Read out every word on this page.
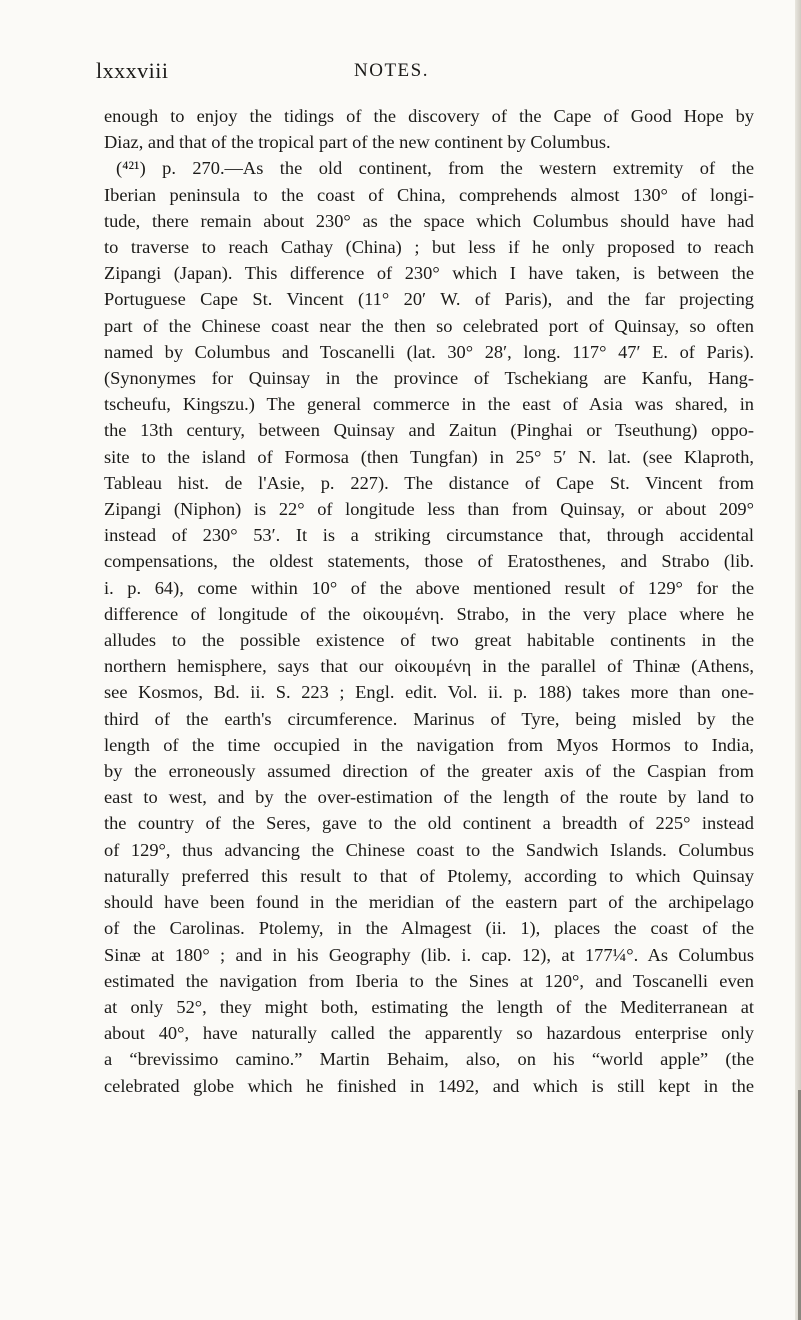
lxxxviii	NOTES.
enough to enjoy the tidings of the discovery of the Cape of Good Hope by
Diaz, and that of the tropical part of the new continent by Columbus.
(⁴²¹) p. 270.—As the old continent, from the western extremity of the
Iberian peninsula to the coast of China, comprehends almost 130° of longi-
tude, there remain about 230° as the space which Columbus should have had
to traverse to reach Cathay (China) ; but less if he only proposed to reach
Zipangi (Japan). This difference of 230° which I have taken, is between the
Portuguese Cape St. Vincent (11° 20′ W. of Paris), and the far projecting
part of the Chinese coast near the then so celebrated port of Quinsay, so often
named by Columbus and Toscanelli (lat. 30° 28′, long. 117° 47′ E. of Paris).
(Synonymes for Quinsay in the province of Tschekiang are Kanfu, Hang-
tscheufu, Kingszu.) The general commerce in the east of Asia was shared, in
the 13th century, between Quinsay and Zaitun (Pinghai or Tseuthung) oppo-
site to the island of Formosa (then Tungfan) in 25° 5′ N. lat. (see Klaproth,
Tableau hist. de l'Asie, p. 227). The distance of Cape St. Vincent from
Zipangi (Niphon) is 22° of longitude less than from Quinsay, or about 209°
instead of 230° 53′. It is a striking circumstance that, through accidental
compensations, the oldest statements, those of Eratosthenes, and Strabo (lib.
i. p. 64), come within 10° of the above mentioned result of 129° for the
difference of longitude of the οἰκουμένη. Strabo, in the very place where he
alludes to the possible existence of two great habitable continents in the
northern hemisphere, says that our οἰκουμένη in the parallel of Thinæ (Athens,
see Kosmos, Bd. ii. S. 223 ; Engl. edit. Vol. ii. p. 188) takes more than one-
third of the earth's circumference. Marinus of Tyre, being misled by the
length of the time occupied in the navigation from Myos Hormos to India,
by the erroneously assumed direction of the greater axis of the Caspian from
east to west, and by the over-estimation of the length of the route by land to
the country of the Seres, gave to the old continent a breadth of 225° instead
of 129°, thus advancing the Chinese coast to the Sandwich Islands. Columbus
naturally preferred this result to that of Ptolemy, according to which Quinsay
should have been found in the meridian of the eastern part of the archipelago
of the Carolinas. Ptolemy, in the Almagest (ii. 1), places the coast of the
Sinæ at 180° ; and in his Geography (lib. i. cap. 12), at 177¼°. As Columbus
estimated the navigation from Iberia to the Sines at 120°, and Toscanelli even
at only 52°, they might both, estimating the length of the Mediterranean at
about 40°, have naturally called the apparently so hazardous enterprise only
a “brevissimo camino.” Martin Behaim, also, on his “world apple” (the
celebrated globe which he finished in 1492, and which is still kept in the
